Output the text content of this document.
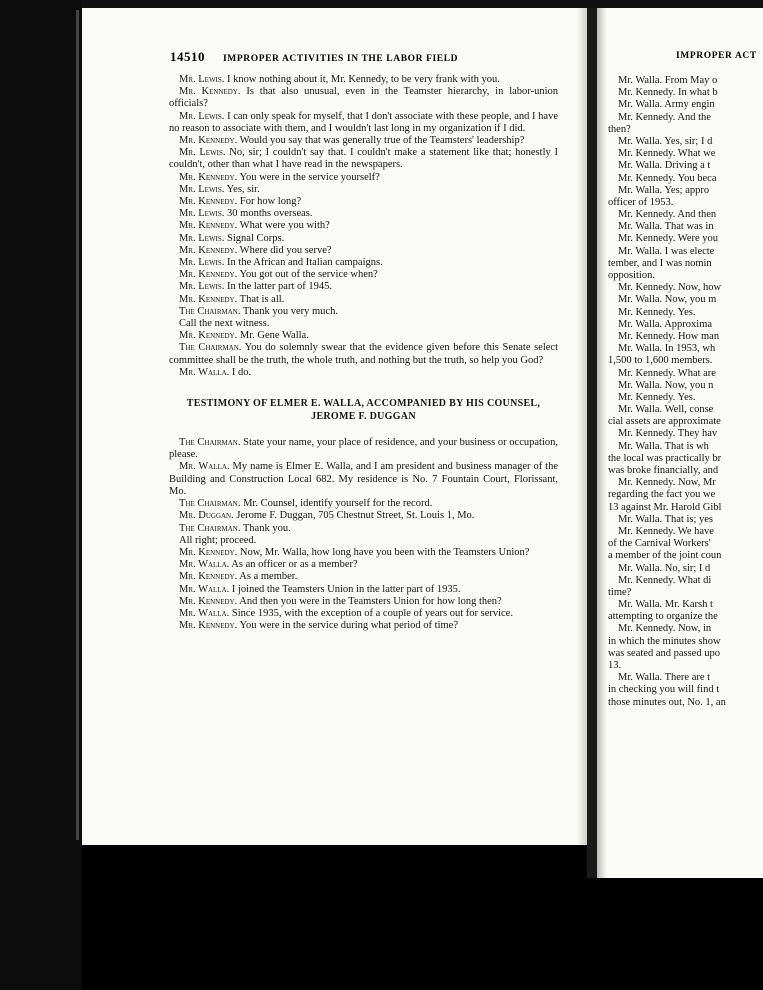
14510 IMPROPER ACTIVITIES IN THE LABOR FIELD

Mr. Lewis. I know nothing about it, Mr. Kennedy, to be very frank with you.

Mr. Kennedy. Is that also unusual, even in the Teamster hierarchy, in labor-union officials?

Mr. Lewis. I can only speak for myself, that I don't associate with these people, and I have no reason to associate with them, and I wouldn't last long in my organization if I did.

Mr. Kennedy. Would you say that was generally true of the Teamsters' leadership?

Mr. Lewis. No, sir; I couldn't say that. I couldn't make a statement like that; honestly I couldn't, other than what I have read in the newspapers.

Mr. Kennedy. You were in the service yourself?

Mr. Lewis. Yes, sir.

Mr. Kennedy. For how long?

Mr. Lewis. 30 months overseas.

Mr. Kennedy. What were you with?

Mr. Lewis. Signal Corps.

Mr. Kennedy. Where did you serve?

Mr. Lewis. In the African and Italian campaigns.

Mr. Kennedy. You got out of the service when?

Mr. Lewis. In the latter part of 1945.

Mr. Kennedy. That is all.

The Chairman. Thank you very much.

Call the next witness.

Mr. Kennedy. Mr. Gene Walla.

The Chairman. You do solemnly swear that the evidence given before this Senate select committee shall be the truth, the whole truth, and nothing but the truth, so help you God?

Mr. Walla. I do.

TESTIMONY OF ELMER E. WALLA, ACCOMPANIED BY HIS COUNSEL, JEROME F. DUGGAN

The Chairman. State your name, your place of residence, and your business or occupation, please.

Mr. Walla. My name is Elmer E. Walla, and I am president and business manager of the Building and Construction Local 682. My residence is No. 7 Fountain Court, Florissant, Mo.

The Chairman. Mr. Counsel, identify yourself for the record.

Mr. Duggan. Jerome F. Duggan, 705 Chestnut Street, St. Louis 1, Mo.

The Chairman. Thank you.

All right; proceed.

Mr. Kennedy. Now, Mr. Walla, how long have you been with the Teamsters Union?

Mr. Walla. As an officer or as a member?

Mr. Kennedy. As a member.

Mr. Walla. I joined the Teamsters Union in the latter part of 1935.

Mr. Kennedy. And then you were in the Teamsters Union for how long then?

Mr. Walla. Since 1935, with the exception of a couple of years out for service.

Mr. Kennedy. You were in the service during what period of time?

IMPROPER ACT
Mr. Walla. From May o
Mr. Kennedy. In what b
Mr. Walla. Army engin
Mr. Kennedy. And the
then?
Mr. Walla. Yes, sir; I d
Mr. Kennedy. What we
Mr. Walla. Driving a t
Mr. Kennedy. You beca
Mr. Walla. Yes; appro
officer of 1953.
Mr. Kennedy. And then
Mr. Walla. That was in
Mr. Kennedy. Were you
Mr. Walla. I was electe
tember, and I was nomin
opposition.
Mr. Kennedy. Now, how
Mr. Walla. Now, you m
Mr. Kennedy. Yes.
Mr. Walla. Approxima
Mr. Kennedy. How man
Mr. Walla. In 1953, wh
1,500 to 1,600 members.
Mr. Kennedy. What are
Mr. Walla. Now, you n
Mr. Kennedy. Yes.
Mr. Walla. Well, conse
cial assets are approximate
Mr. Kennedy. They hav
Mr. Walla. That is wh
the local was practically br
was broke financially, and
Mr. Kennedy. Now, Mr
regarding the fact you we
13 against Mr. Harold Gibl
Mr. Walla. That is; yes
Mr. Kennedy. We have
of the Carnival Workers'
a member of the joint coun
Mr. Walla. No, sir; I d
Mr. Kennedy. What di
time?
Mr. Walla. Mr. Karsh t
attempting to organize the
Mr. Kennedy. Now, in
in which the minutes show
was seated and passed upo
13.
Mr. Walla. There are t
in checking you will find t
those minutes out, No. 1, an
